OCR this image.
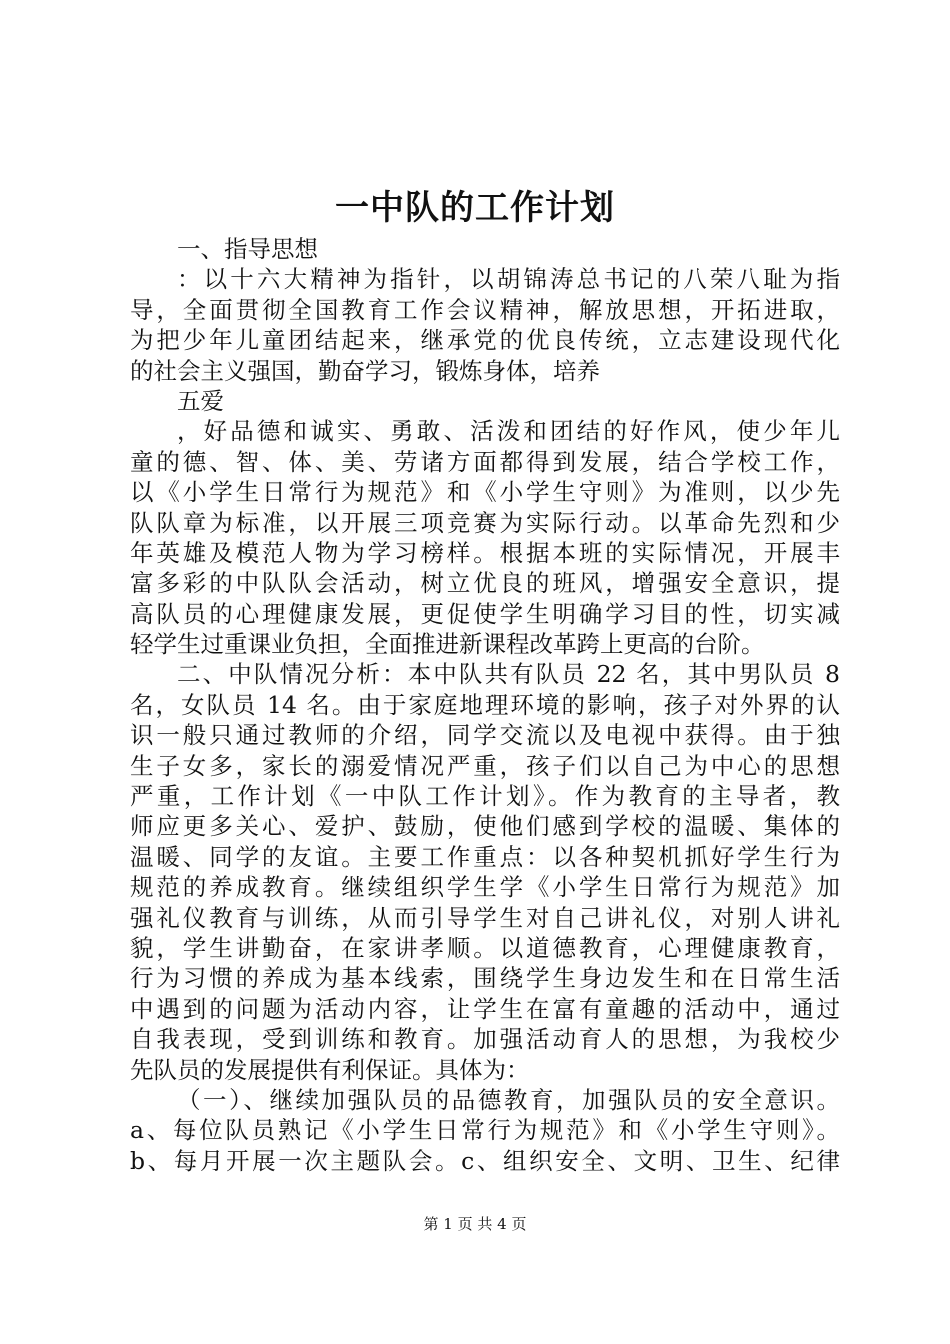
一中队的工作计划
一、指导思想
：以十六大精神为指针，以胡锦涛总书记的八荣八耻为指
导，全面贯彻全国教育工作会议精神，解放思想，开拓进取，
为把少年儿童团结起来，继承党的优良传统，立志建设现代化
的社会主义强国，勤奋学习，锻炼身体，培养
五爱
，好品德和诚实、勇敢、活泼和团结的好作风，使少年儿
童的德、智、体、美、劳诸方面都得到发展，结合学校工作，
以《小学生日常行为规范》和《小学生守则》为准则，以少先
队队章为标准，以开展三项竞赛为实际行动。以革命先烈和少
年英雄及模范人物为学习榜样。根据本班的实际情况，开展丰
富多彩的中队队会活动，树立优良的班风，增强安全意识，提
高队员的心理健康发展，更促使学生明确学习目的性，切实减
轻学生过重课业负担，全面推进新课程改革跨上更高的台阶。
二、中队情况分析：本中队共有队员 22 名，其中男队员 8
名，女队员 14 名。由于家庭地理环境的影响，孩子对外界的认
识一般只通过教师的介绍，同学交流以及电视中获得。由于独
生子女多，家长的溺爱情况严重，孩子们以自己为中心的思想
严重，工作计划《一中队工作计划》。作为教育的主导者，教
师应更多关心、爱护、鼓励，使他们感到学校的温暖、集体的
温暖、同学的友谊。主要工作重点：以各种契机抓好学生行为
规范的养成教育。继续组织学生学《小学生日常行为规范》加
强礼仪教育与训练，从而引导学生对自己讲礼仪，对别人讲礼
貌，学生讲勤奋，在家讲孝顺。以道德教育，心理健康教育，
行为习惯的养成为基本线索，围绕学生身边发生和在日常生活
中遇到的问题为活动内容，让学生在富有童趣的活动中，通过
自我表现，受到训练和教育。加强活动育人的思想，为我校少
先队员的发展提供有利保证。具体为：
（一）、继续加强队员的品德教育，加强队员的安全意识。
a、每位队员熟记《小学生日常行为规范》和《小学生守则》。
b、每月开展一次主题队会。c、组织安全、文明、卫生、纪律
第 1 页 共 4 页
